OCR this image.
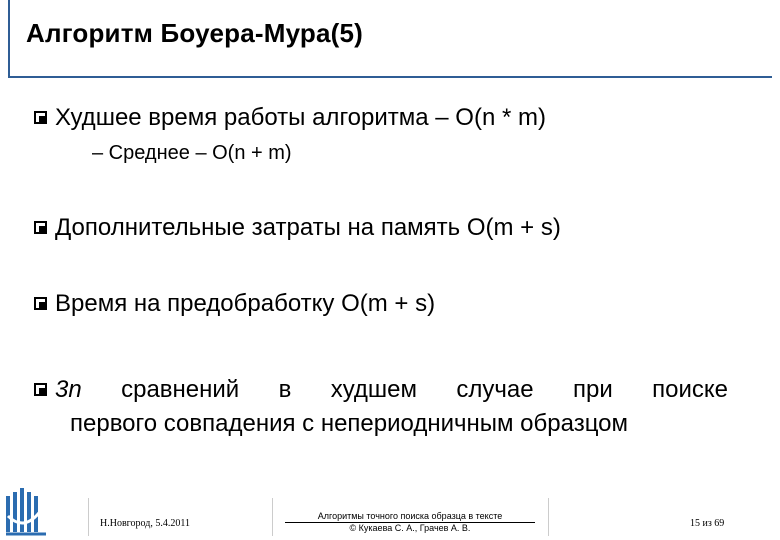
Алгоритм Боуера-Мура(5)
Худшее время работы алгоритма – O(n * m)
– Среднее – O(n + m)
Дополнительные затраты на память O(m + s)
Время на предобработку O(m + s)
3n сравнений в худшем случае при поиске
первого совпадения с непериодничным образцом
Н.Новгород, 5.4.2011
Алгоритмы точного поиска образца в тексте
© Кукаева С. А., Грачев А. В.	15 из 69
